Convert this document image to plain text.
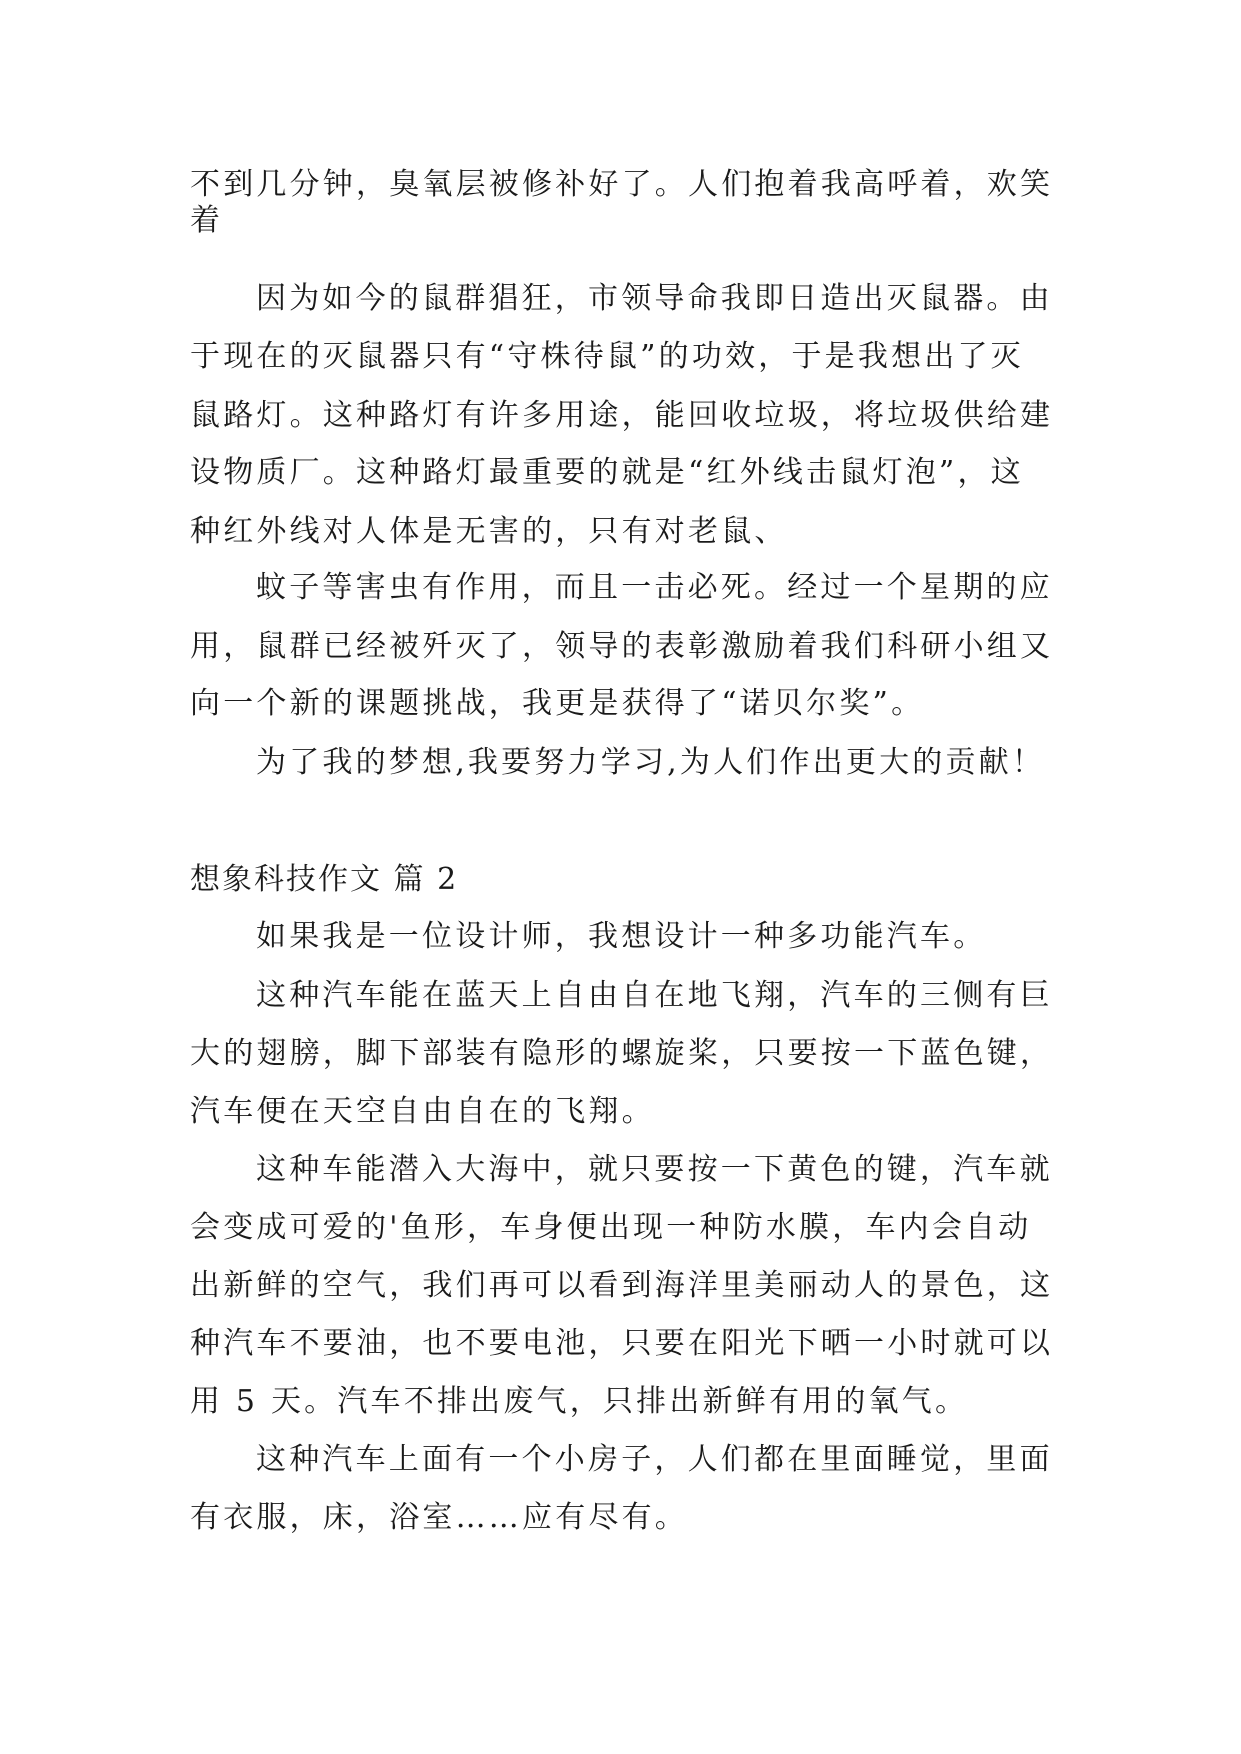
不到几分钟，臭氧层被修补好了。人们抱着我高呼着，欢笑
着
因为如今的鼠群猖狂，市领导命我即日造出灭鼠器。由
于现在的灭鼠器只有“守株待鼠”的功效，于是我想出了灭
鼠路灯。这种路灯有许多用途，能回收垃圾，将垃圾供给建
设物质厂。这种路灯最重要的就是“红外线击鼠灯泡”，这
种红外线对人体是无害的，只有对老鼠、
蚊子等害虫有作用，而且一击必死。经过一个星期的应
用，鼠群已经被歼灭了，领导的表彰激励着我们科研小组又
向一个新的课题挑战，我更是获得了“诺贝尔奖”。
为了我的梦想,我要努力学习,为人们作出更大的贡献！
想象科技作文 篇 2
如果我是一位设计师，我想设计一种多功能汽车。
这种汽车能在蓝天上自由自在地飞翔，汽车的三侧有巨
大的翅膀，脚下部装有隐形的螺旋桨，只要按一下蓝色键，
汽车便在天空自由自在的飞翔。
这种车能潜入大海中，就只要按一下黄色的键，汽车就
会变成可爱的'鱼形，车身便出现一种防水膜，车内会自动
出新鲜的空气，我们再可以看到海洋里美丽动人的景色，这
种汽车不要油，也不要电池，只要在阳光下晒一小时就可以
用 5 天。汽车不排出废气，只排出新鲜有用的氧气。
这种汽车上面有一个小房子，人们都在里面睡觉，里面
有衣服，床，浴室……应有尽有。
